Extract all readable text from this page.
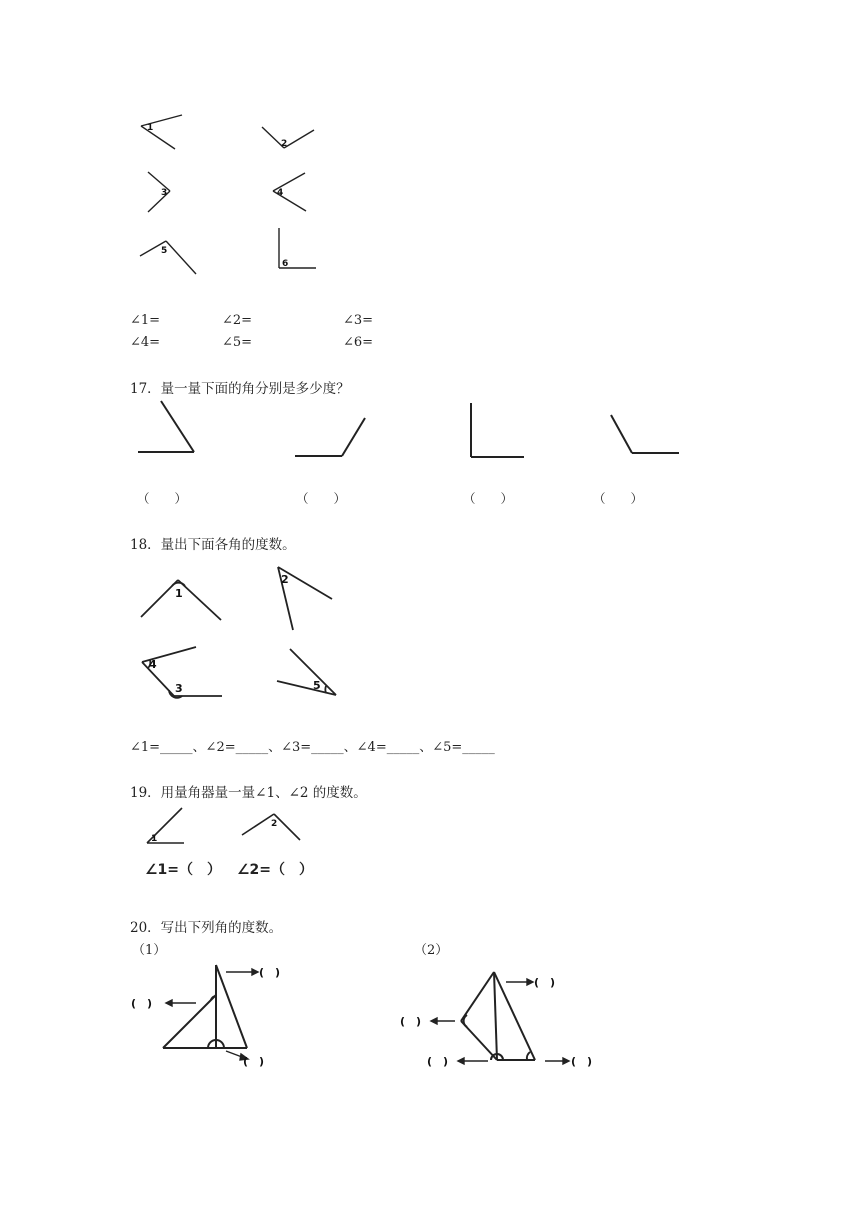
1
2
3	4
5
6
∠1=	∠2=	∠3=
∠4=	∠5=	∠6=
17．量一量下面的角分别是多少度？
（　　）	（　　）	（　　）	（　　）
18．量出下面各角的度数。
1
2
3
4
5
∠1=_____、∠2=_____、∠3=_____、∠4=_____、∠5=_____
19．用量角器量一量∠1、∠2 的度数。
1
2
∠1=（　） ∠2=（　）
20．写出下列角的度数。
（1）	（2）
(　)
(　)
(　)
(　)
(　)
(　)	(　)
